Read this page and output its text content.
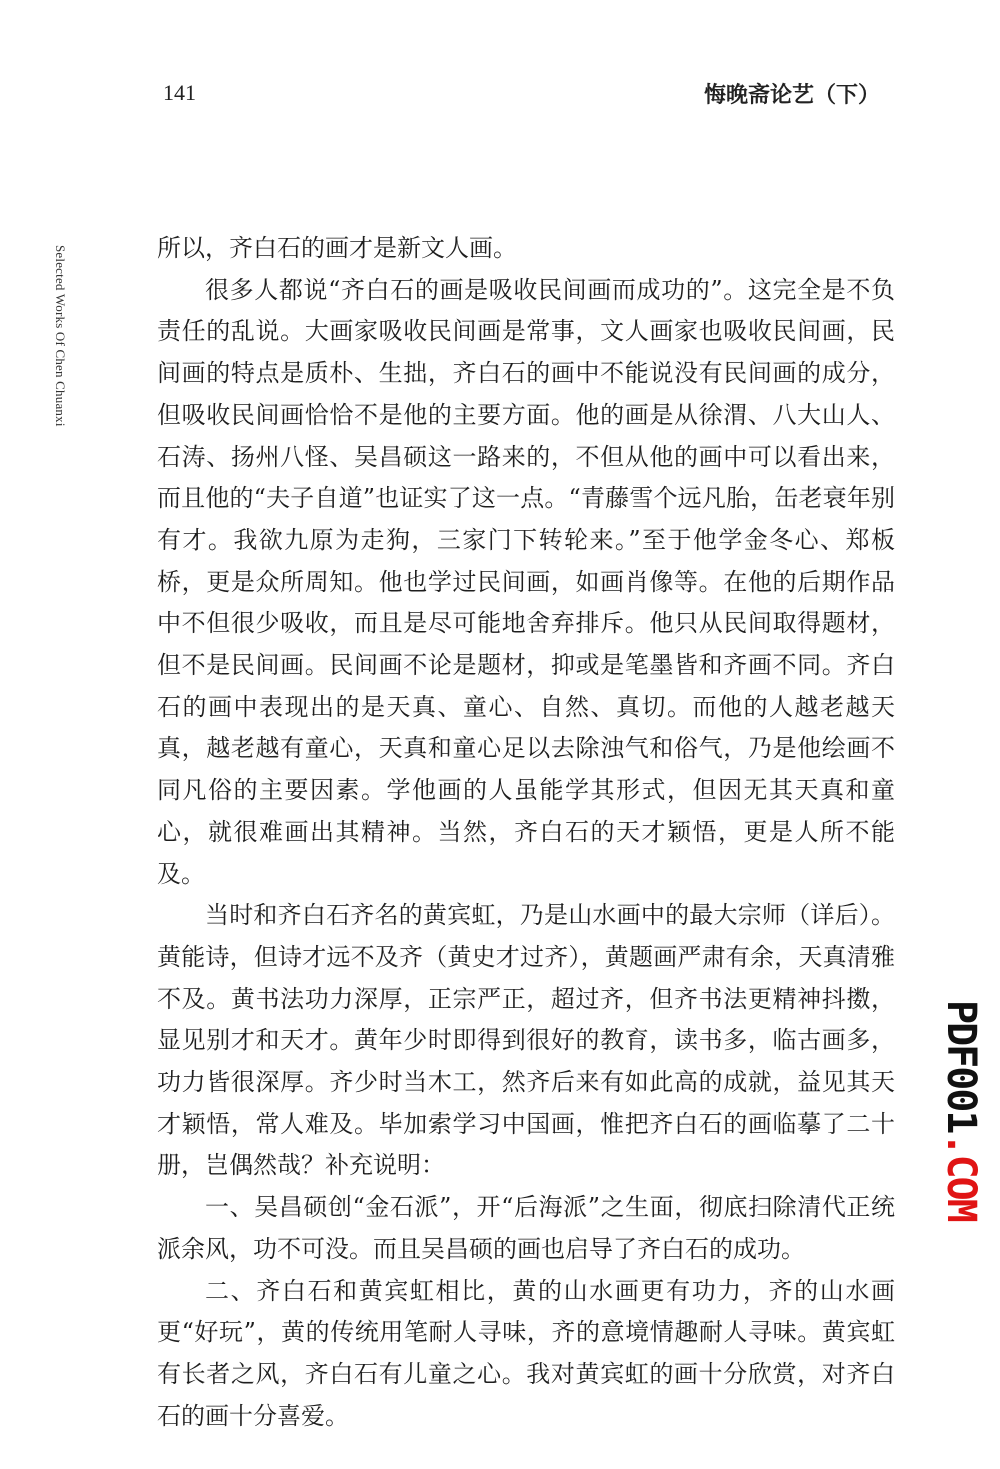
141	悔晚斋论艺（下）
Selected Works Of Chen Chuanxi	所以，齐白石的画才是新文人画。

很多人都说“齐白石的画是吸收民间画而成功的”。这完全是不负责任的乱说。大画家吸收民间画是常事，文人画家也吸收民间画，民间画的特点是质朴、生拙，齐白石的画中不能说没有民间画的成分，但吸收民间画恰恰不是他的主要方面。他的画是从徐渭、八大山人、石涛、扬州八怪、吴昌硕这一路来的，不但从他的画中可以看出来，而且他的“夫子自道”也证实了这一点。“青藤雪个远凡胎，缶老衰年别有才。我欲九原为走狗，三家门下转轮来。”至于他学金冬心、郑板桥，更是众所周知。他也学过民间画，如画肖像等。在他的后期作品中不但很少吸收，而且是尽可能地舍弃排斥。他只从民间取得题材，但不是民间画。民间画不论是题材，抑或是笔墨皆和齐画不同。齐白石的画中表现出的是天真、童心、自然、真切。而他的人越老越天真，越老越有童心，天真和童心足以去除浊气和俗气，乃是他绘画不同凡俗的主要因素。学他画的人虽能学其形式，但因无其天真和童心，就很难画出其精神。当然，齐白石的天才颖悟，更是人所不能及。

当时和齐白石齐名的黄宾虹，乃是山水画中的最大宗师（详后）。黄能诗，但诗才远不及齐（黄史才过齐），黄题画严肃有余，天真清雅不及。黄书法功力深厚，正宗严正，超过齐，但齐书法更精神抖擞，显见别才和天才。黄年少时即得到很好的教育，读书多，临古画多，功力皆很深厚。齐少时当木工，然齐后来有如此高的成就，益见其天才颖悟，常人难及。毕加索学习中国画，惟把齐白石的画临摹了二十册，岂偶然哉？补充说明：

一、吴昌硕创“金石派”，开“后海派”之生面，彻底扫除清代正统派余风，功不可没。而且吴昌硕的画也启导了齐白石的成功。

二、齐白石和黄宾虹相比，黄的山水画更有功力，齐的山水画更“好玩”，黄的传统用笔耐人寻味，齐的意境情趣耐人寻味。黄宾虹有长者之风，齐白石有儿童之心。我对黄宾虹的画十分欣赏，对齐白石的画十分喜爱。

PDF001.COM
